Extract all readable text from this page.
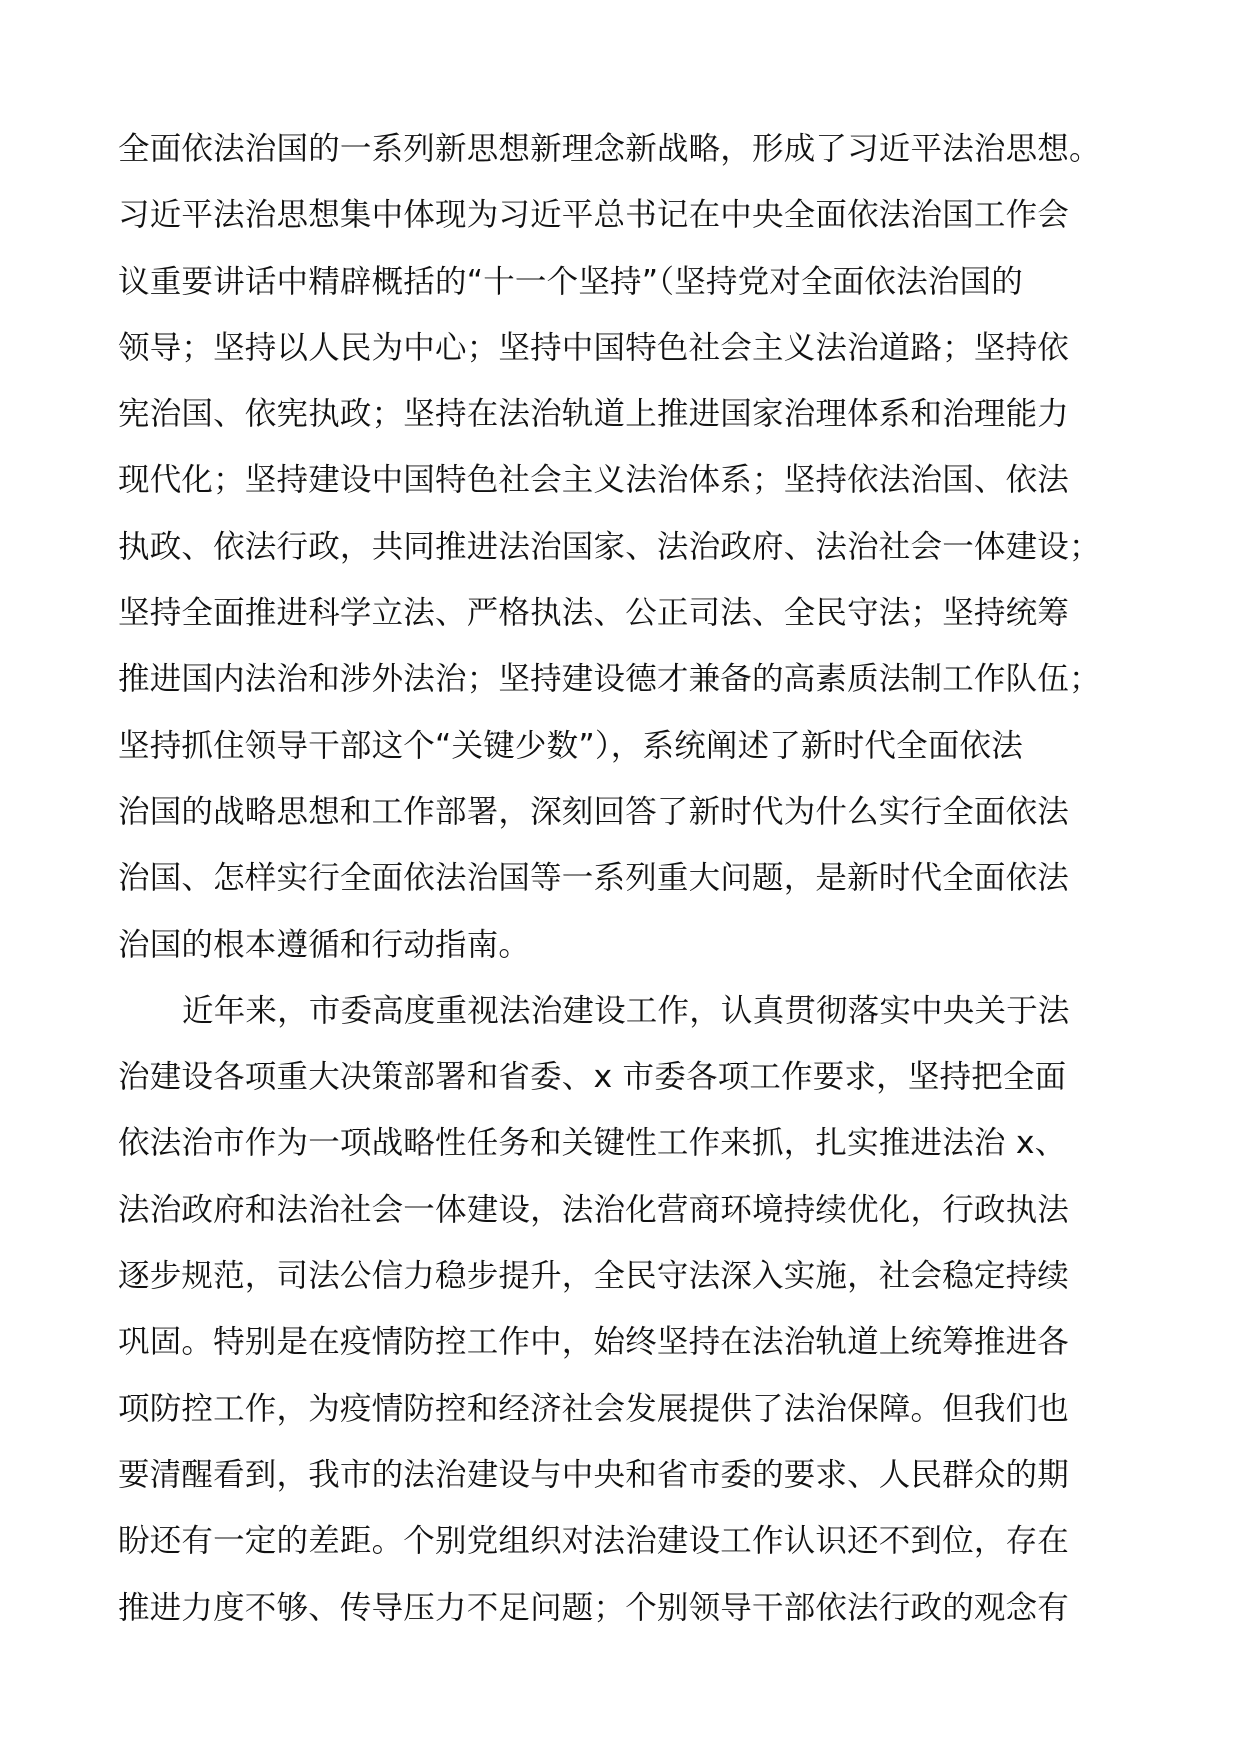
全面依法治国的一系列新思想新理念新战略，形成了习近平法治思想。
习近平法治思想集中体现为习近平总书记在中央全面依法治国工作会
议重要讲话中精辟概括的“十一个坚持”（坚持党对全面依法治国的
领导；坚持以人民为中心；坚持中国特色社会主义法治道路；坚持依
宪治国、依宪执政；坚持在法治轨道上推进国家治理体系和治理能力
现代化；坚持建设中国特色社会主义法治体系；坚持依法治国、依法
执政、依法行政，共同推进法治国家、法治政府、法治社会一体建设；
坚持全面推进科学立法、严格执法、公正司法、全民守法；坚持统筹
推进国内法治和涉外法治；坚持建设德才兼备的高素质法制工作队伍；
坚持抓住领导干部这个“关键少数”），系统阐述了新时代全面依法
治国的战略思想和工作部署，深刻回答了新时代为什么实行全面依法
治国、怎样实行全面依法治国等一系列重大问题，是新时代全面依法
治国的根本遵循和行动指南。
近年来，市委高度重视法治建设工作，认真贯彻落实中央关于法
治建设各项重大决策部署和省委、x 市委各项工作要求，坚持把全面
依法治市作为一项战略性任务和关键性工作来抓，扎实推进法治 x、
法治政府和法治社会一体建设，法治化营商环境持续优化，行政执法
逐步规范，司法公信力稳步提升，全民守法深入实施，社会稳定持续
巩固。特别是在疫情防控工作中，始终坚持在法治轨道上统筹推进各
项防控工作，为疫情防控和经济社会发展提供了法治保障。但我们也
要清醒看到，我市的法治建设与中央和省市委的要求、人民群众的期
盼还有一定的差距。个别党组织对法治建设工作认识还不到位，存在
推进力度不够、传导压力不足问题；个别领导干部依法行政的观念有
